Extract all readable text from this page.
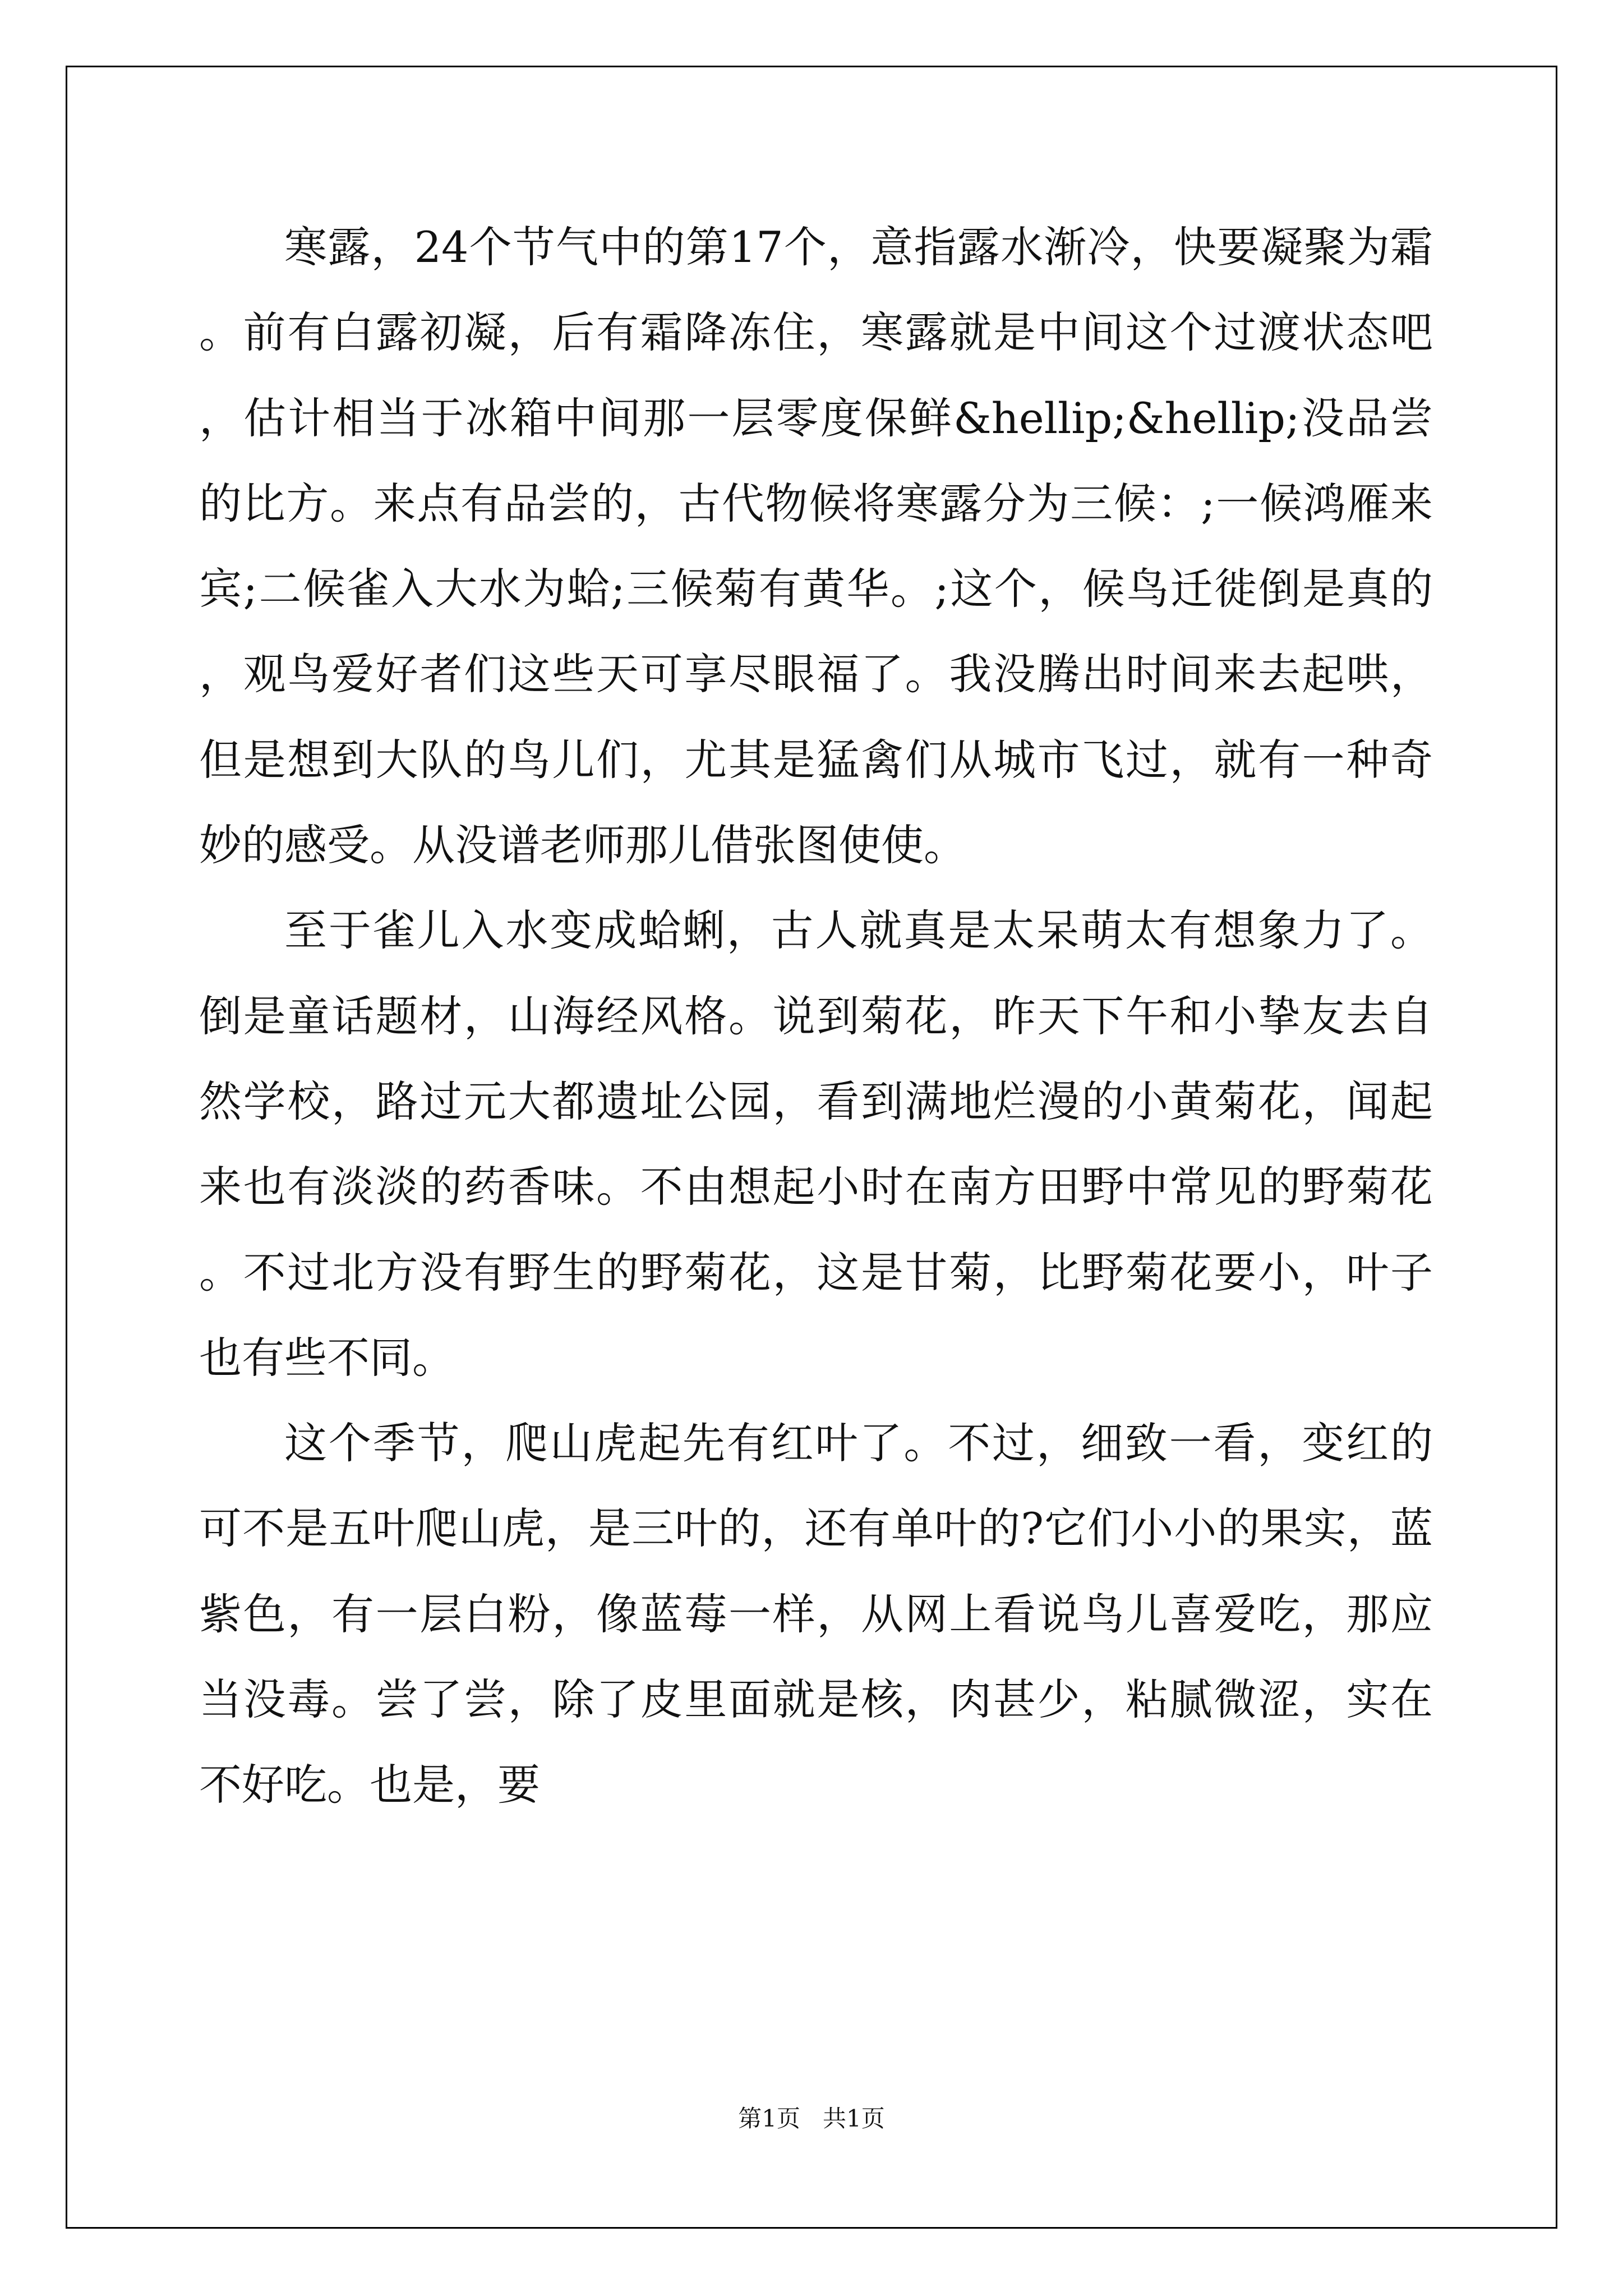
寒露，24个节气中的第17个，意指露水渐冷，快要凝聚为霜。前有白露初凝，后有霜降冻住，寒露就是中间这个过渡状态吧，估计相当于冰箱中间那一层零度保鲜&hellip;&hellip;没品尝的比方。来点有品尝的，古代物候将寒露分为三候：;一候鸿雁来宾;二候雀入大水为蛤;三候菊有黄华。;这个，候鸟迁徙倒是真的，观鸟爱好者们这些天可享尽眼福了。我没腾出时间来去起哄，但是想到大队的鸟儿们，尤其是猛禽们从城市飞过，就有一种奇妙的感受。从没谱老师那儿借张图使使。

至于雀儿入水变成蛤蜊，古人就真是太呆萌太有想象力了。倒是童话题材，山海经风格。说到菊花，昨天下午和小挚友去自然学校，路过元大都遗址公园，看到满地烂漫的小黄菊花，闻起来也有淡淡的药香味。不由想起小时在南方田野中常见的野菊花。不过北方没有野生的野菊花，这是甘菊，比野菊花要小，叶子也有些不同。

这个季节，爬山虎起先有红叶了。不过，细致一看，变红的可不是五叶爬山虎，是三叶的，还有单叶的?它们小小的果实，蓝紫色，有一层白粉，像蓝莓一样，从网上看说鸟儿喜爱吃，那应当没毒。尝了尝，除了皮里面就是核，肉甚少，粘腻微涩，实在不好吃。也是，要

第1页   共1页
